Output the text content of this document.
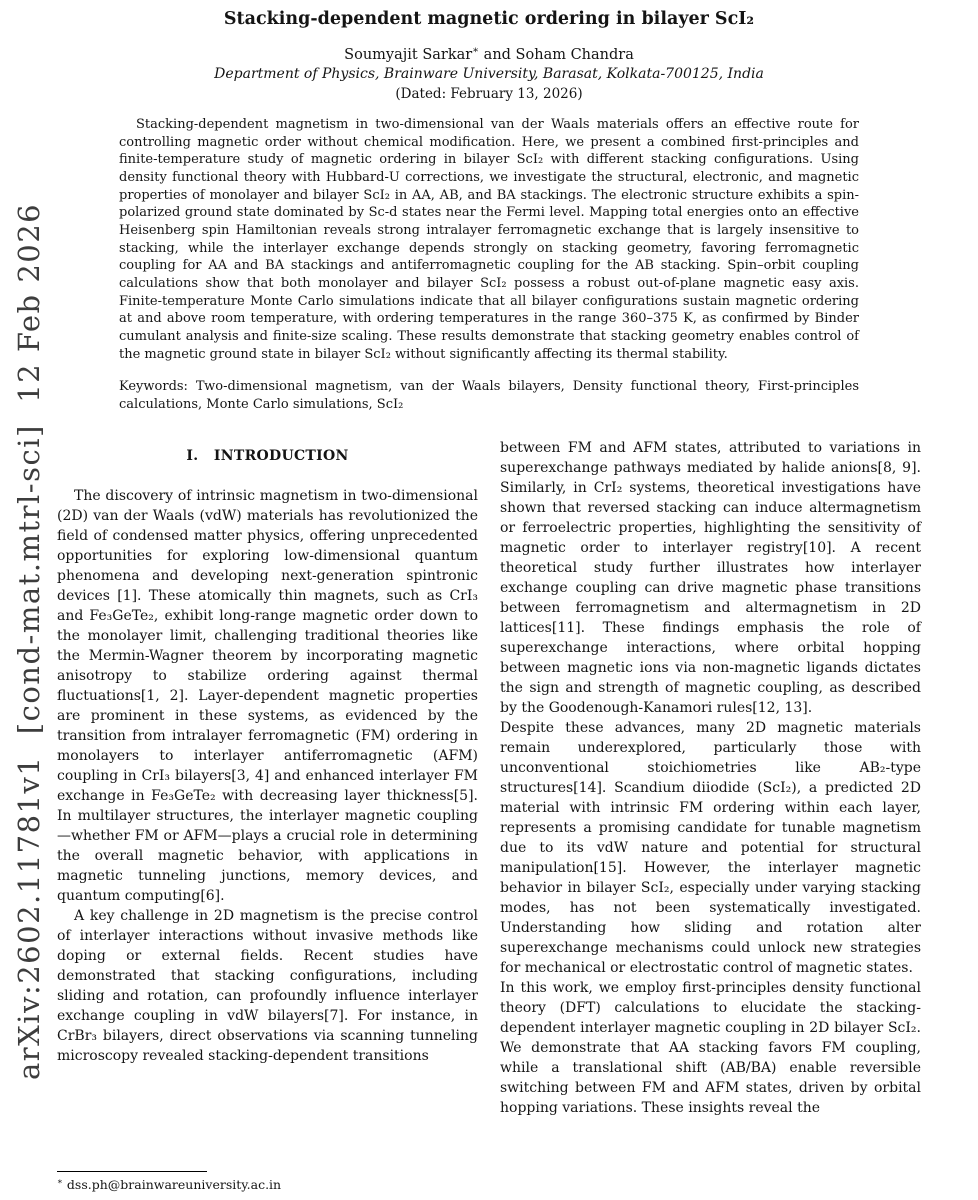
arXiv:2602.11781v1  [cond-mat.mtrl-sci]  12 Feb 2026
Stacking-dependent magnetic ordering in bilayer ScI₂
Soumyajit Sarkar∗ and Soham Chandra
Department of Physics, Brainware University, Barasat, Kolkata-700125, India
(Dated: February 13, 2026)
Stacking-dependent magnetism in two-dimensional van der Waals materials offers an effective route for controlling magnetic order without chemical modification. Here, we present a combined first-principles and finite-temperature study of magnetic ordering in bilayer ScI₂ with different stacking configurations. Using density functional theory with Hubbard-U corrections, we investigate the structural, electronic, and magnetic properties of monolayer and bilayer ScI₂ in AA, AB, and BA stackings. The electronic structure exhibits a spin-polarized ground state dominated by Sc-d states near the Fermi level. Mapping total energies onto an effective Heisenberg spin Hamiltonian reveals strong intralayer ferromagnetic exchange that is largely insensitive to stacking, while the interlayer exchange depends strongly on stacking geometry, favoring ferromagnetic coupling for AA and BA stackings and antiferromagnetic coupling for the AB stacking. Spin–orbit coupling calculations show that both monolayer and bilayer ScI₂ possess a robust out-of-plane magnetic easy axis. Finite-temperature Monte Carlo simulations indicate that all bilayer configurations sustain magnetic ordering at and above room temperature, with ordering temperatures in the range 360–375 K, as confirmed by Binder cumulant analysis and finite-size scaling. These results demonstrate that stacking geometry enables control of the magnetic ground state in bilayer ScI₂ without significantly affecting its thermal stability.
Keywords: Two-dimensional magnetism, van der Waals bilayers, Density functional theory, First-principles calculations, Monte Carlo simulations, ScI₂
I.   INTRODUCTION

The discovery of intrinsic magnetism in two-dimensional (2D) van der Waals (vdW) materials has revolutionized the field of condensed matter physics, offering unprecedented opportunities for exploring low-dimensional quantum phenomena and developing next-generation spintronic devices [1]. These atomically thin magnets, such as CrI₃ and Fe₃GeTe₂, exhibit long-range magnetic order down to the monolayer limit, challenging traditional theories like the Mermin-Wagner theorem by incorporating magnetic anisotropy to stabilize ordering against thermal fluctuations[1, 2]. Layer-dependent magnetic properties are prominent in these systems, as evidenced by the transition from intralayer ferromagnetic (FM) ordering in monolayers to interlayer antiferromagnetic (AFM) coupling in CrI₃ bilayers[3, 4] and enhanced interlayer FM exchange in Fe₃GeTe₂ with decreasing layer thickness[5]. In multilayer structures, the interlayer magnetic coupling—whether FM or AFM—plays a crucial role in determining the overall magnetic behavior, with applications in magnetic tunneling junctions, memory devices, and quantum computing[6].

A key challenge in 2D magnetism is the precise control of interlayer interactions without invasive methods like doping or external fields. Recent studies have demonstrated that stacking configurations, including sliding and rotation, can profoundly influence interlayer exchange coupling in vdW bilayers[7]. For instance, in CrBr₃ bilayers, direct observations via scanning tunneling microscopy revealed stacking-dependent transitions

between FM and AFM states, attributed to variations in superexchange pathways mediated by halide anions[8, 9]. Similarly, in CrI₂ systems, theoretical investigations have shown that reversed stacking can induce altermagnetism or ferroelectric properties, highlighting the sensitivity of magnetic order to interlayer registry[10]. A recent theoretical study further illustrates how interlayer exchange coupling can drive magnetic phase transitions between ferromagnetism and altermagnetism in 2D lattices[11]. These findings emphasis the role of superexchange interactions, where orbital hopping between magnetic ions via non-magnetic ligands dictates the sign and strength of magnetic coupling, as described by the Goodenough-Kanamori rules[12, 13].

Despite these advances, many 2D magnetic materials remain underexplored, particularly those with unconventional stoichiometries like AB₂-type structures[14]. Scandium diiodide (ScI₂), a predicted 2D material with intrinsic FM ordering within each layer, represents a promising candidate for tunable magnetism due to its vdW nature and potential for structural manipulation[15]. However, the interlayer magnetic behavior in bilayer ScI₂, especially under varying stacking modes, has not been systematically investigated. Understanding how sliding and rotation alter superexchange mechanisms could unlock new strategies for mechanical or electrostatic control of magnetic states.

In this work, we employ first-principles density functional theory (DFT) calculations to elucidate the stacking-dependent interlayer magnetic coupling in 2D bilayer ScI₂. We demonstrate that AA stacking favors FM coupling, while a translational shift (AB/BA) enable reversible switching between FM and AFM states, driven by orbital hopping variations. These insights reveal the

∗ dss.ph@brainwareuniversity.ac.in
